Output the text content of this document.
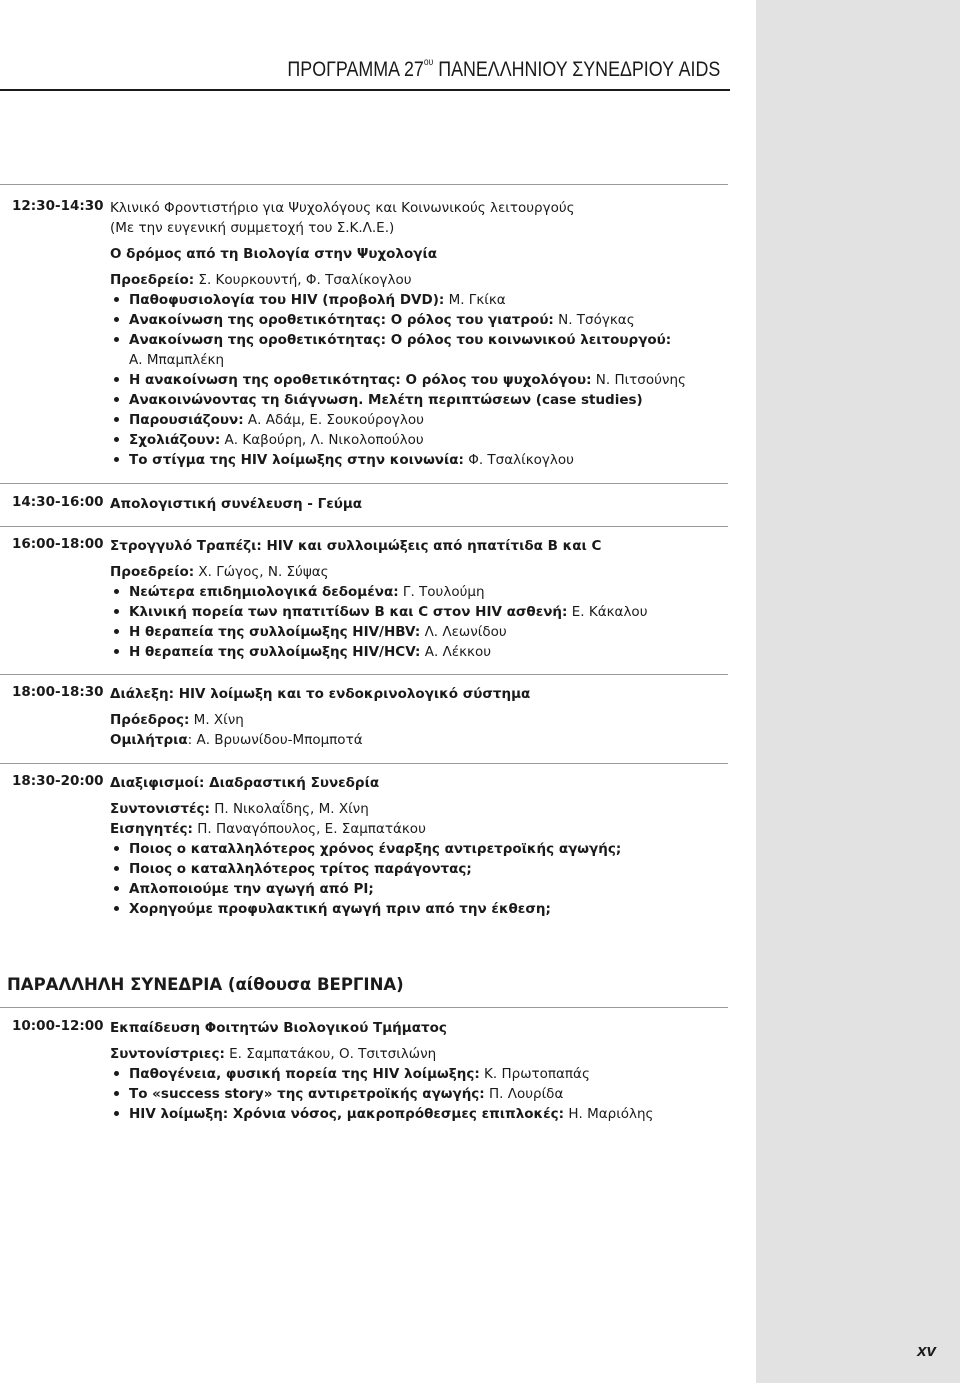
ΠΡΟΓΡΑΜΜΑ $27^{o\upsilon}$ ΠΑΝΕΛΛΗΝΙΟΥ ΣΥΝΕΔΡΙΟΥ AIDS
12:30-14:30 Κλινικό Φροντιστήριο για Ψυχολόγους και Κοινωνικούς λειτουργούς
(Με την ευγενική συμμετοχή του Σ.Κ.Λ.Ε.)
Ο δρόμος από τη Βιολογία στην Ψυχολογία
Προεδρείο: Σ. Κουρκουντή, Φ. Τσαλίκογλου
Παθοφυσιολογία του HIV (προβολή DVD): Μ. Γκίκα
Ανακοίνωση της οροθετικότητας: Ο ρόλος του γιατρού: Ν. Τσόγκας
Ανακοίνωση της οροθετικότητας: Ο ρόλος του κοινωνικού λειτουργού:
Α. Μπαμπλέκη
Η ανακοίνωση της οροθετικότητας: Ο ρόλος του ψυχολόγου: Ν. Πιτσούνης
Ανακοινώνοντας τη διάγνωση. Μελέτη περιπτώσεων (case studies)
Παρουσιάζουν: Α. Αδάμ, Ε. Σουκούρογλου
Σχολιάζουν: Α. Καβούρη, Λ. Νικολοπούλου
Το στίγμα της HIV λοίμωξης στην κοινωνία: Φ. Τσαλίκογλου
14:30-16:00 Απολογιστική συνέλευση - Γεύμα
16:00-18:00 Στρογγυλό Τραπέζι: HIV και συλλοιμώξεις από ηπατίτιδα B και C
Προεδρείο: Χ. Γώγος, Ν. Σύψας
Νεώτερα επιδημιολογικά δεδομένα: Γ. Τουλούμη
Κλινική πορεία των ηπατιτίδων B και C στον HIV ασθενή: Ε. Κάκαλου
Η θεραπεία της συλλοίμωξης HIV/HBV: Λ. Λεωνίδου
Η θεραπεία της συλλοίμωξης HIV/HCV: Α. Λέκκου
18:00-18:30 Διάλεξη: HIV λοίμωξη και το ενδοκρινολογικό σύστημα
Πρόεδρος: Μ. Χίνη
Ομιλήτρια: Α. Βρυωνίδου-Μπομποτά
18:30-20:00 Διαξιφισμοί: Διαδραστική Συνεδρία
Συντονιστές: Π. Νικολαΐδης, Μ. Χίνη
Εισηγητές: Π. Παναγόπουλος, Ε. Σαμπατάκου
Ποιος ο καταλληλότερος χρόνος έναρξης αντιρετροϊκής αγωγής;
Ποιος ο καταλληλότερος τρίτος παράγοντας;
Απλοποιούμε την αγωγή από PI;
Χορηγούμε προφυλακτική αγωγή πριν από την έκθεση;
ΠΑΡΑΛΛΗΛΗ ΣΥΝΕΔΡΙΑ (αίθουσα ΒΕΡΓΙΝΑ)
10:00-12:00 Εκπαίδευση Φοιτητών Βιολογικού Τμήματος
Συντονίστριες: Ε. Σαμπατάκου, Ο. Τσιτσιλώνη
Παθογένεια, φυσική πορεία της HIV λοίμωξης: Κ. Πρωτοπαπάς
Το «success story» της αντιρετροϊκής αγωγής: Π. Λουρίδα
HIV λοίμωξη: Χρόνια νόσος, μακροπρόθεσμες επιπλοκές: Η. Μαριόλης
xv
